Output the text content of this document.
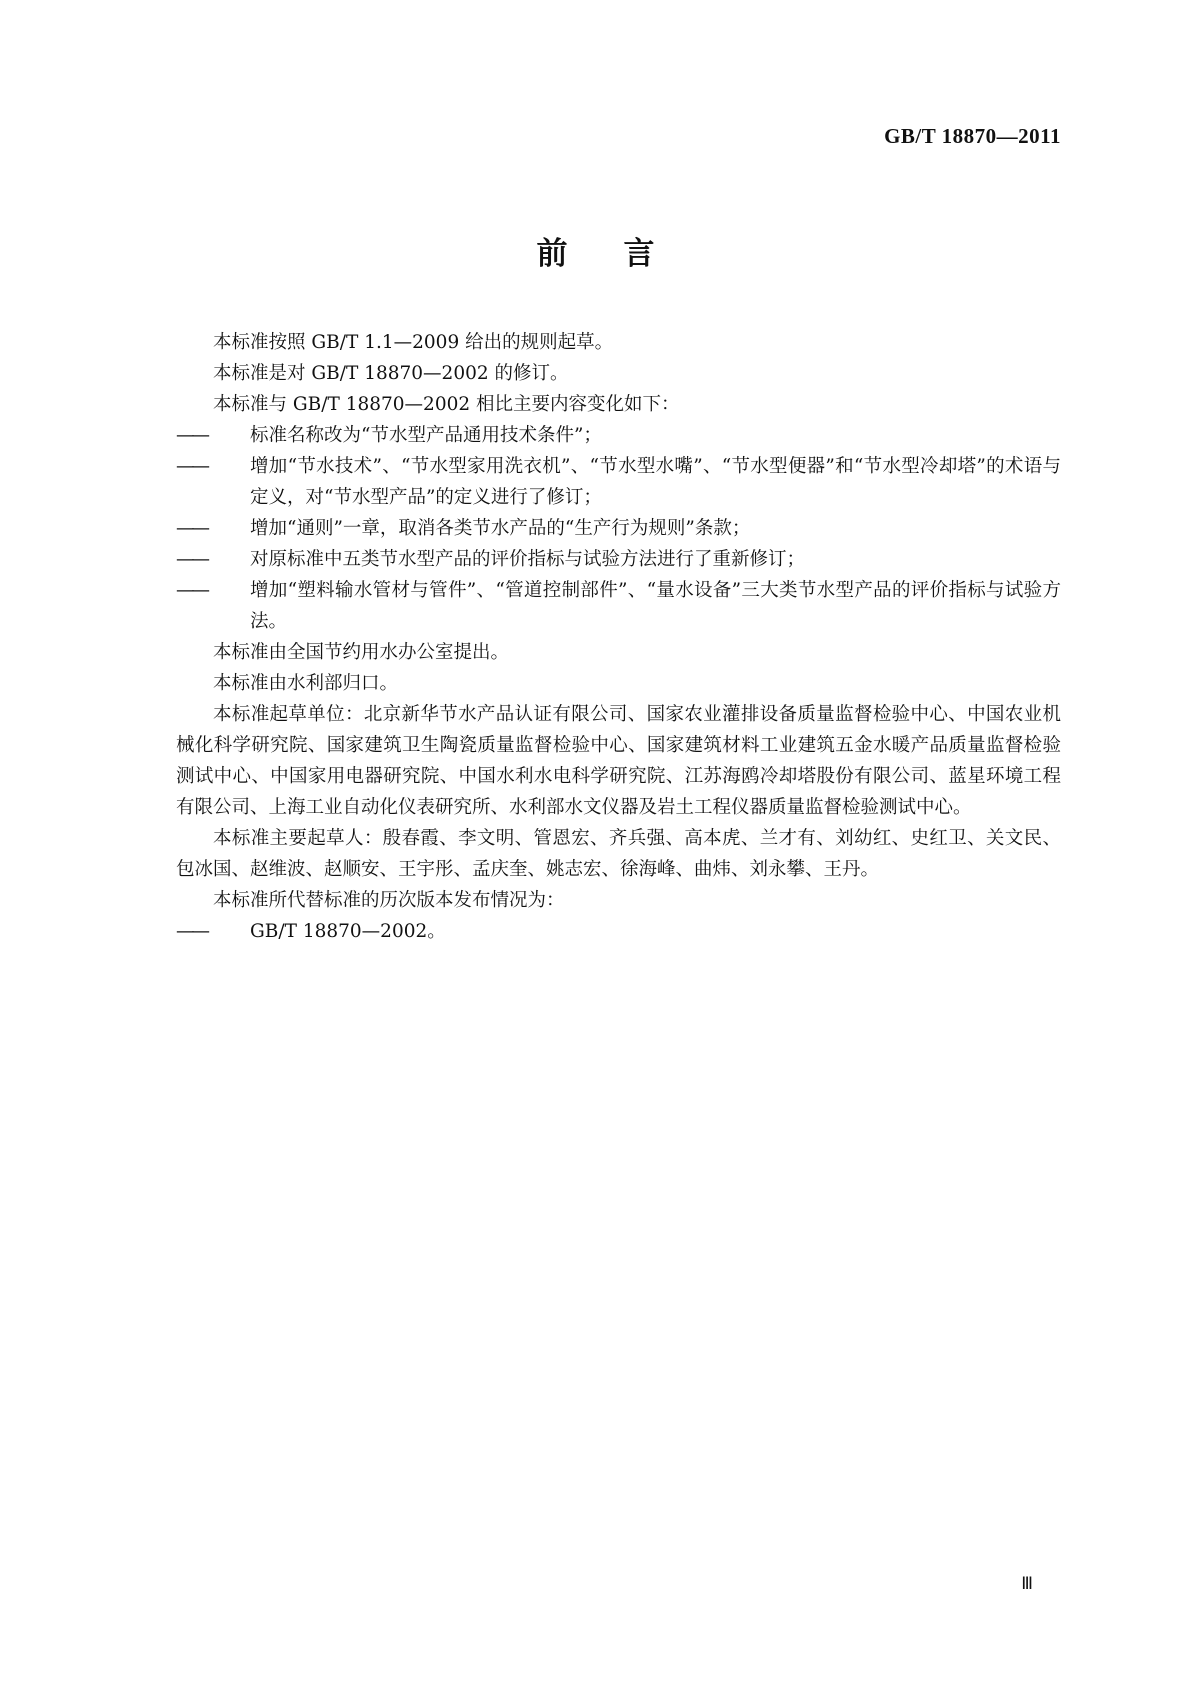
GB/T 18870—2011
前言

本标准按照 GB/T 1.1—2009 给出的规则起草。

本标准是对 GB/T 18870—2002 的修订。

本标准与 GB/T 18870—2002 相比主要内容变化如下：

——	标准名称改为“节水型产品通用技术条件”；
——	增加“节水技术”、“节水型家用洗衣机”、“节水型水嘴”、“节水型便器”和“节水型冷却塔”的术语与定义，对“节水型产品”的定义进行了修订；
——	增加“通则”一章，取消各类节水产品的“生产行为规则”条款；
——	对原标准中五类节水型产品的评价指标与试验方法进行了重新修订；
——	增加“塑料输水管材与管件”、“管道控制部件”、“量水设备”三大类节水型产品的评价指标与试验方法。

本标准由全国节约用水办公室提出。

本标准由水利部归口。

本标准起草单位：北京新华节水产品认证有限公司、国家农业灌排设备质量监督检验中心、中国农业机械化科学研究院、国家建筑卫生陶瓷质量监督检验中心、国家建筑材料工业建筑五金水暖产品质量监督检验测试中心、中国家用电器研究院、中国水利水电科学研究院、江苏海鸥冷却塔股份有限公司、蓝星环境工程有限公司、上海工业自动化仪表研究所、水利部水文仪器及岩土工程仪器质量监督检验测试中心。

本标准主要起草人：殷春霞、李文明、管恩宏、齐兵强、高本虎、兰才有、刘幼红、史红卫、关文民、包冰国、赵维波、赵顺安、王宇彤、孟庆奎、姚志宏、徐海峰、曲炜、刘永攀、王丹。

本标准所代替标准的历次版本发布情况为：

——	GB/T 18870—2002。
Ⅲ
